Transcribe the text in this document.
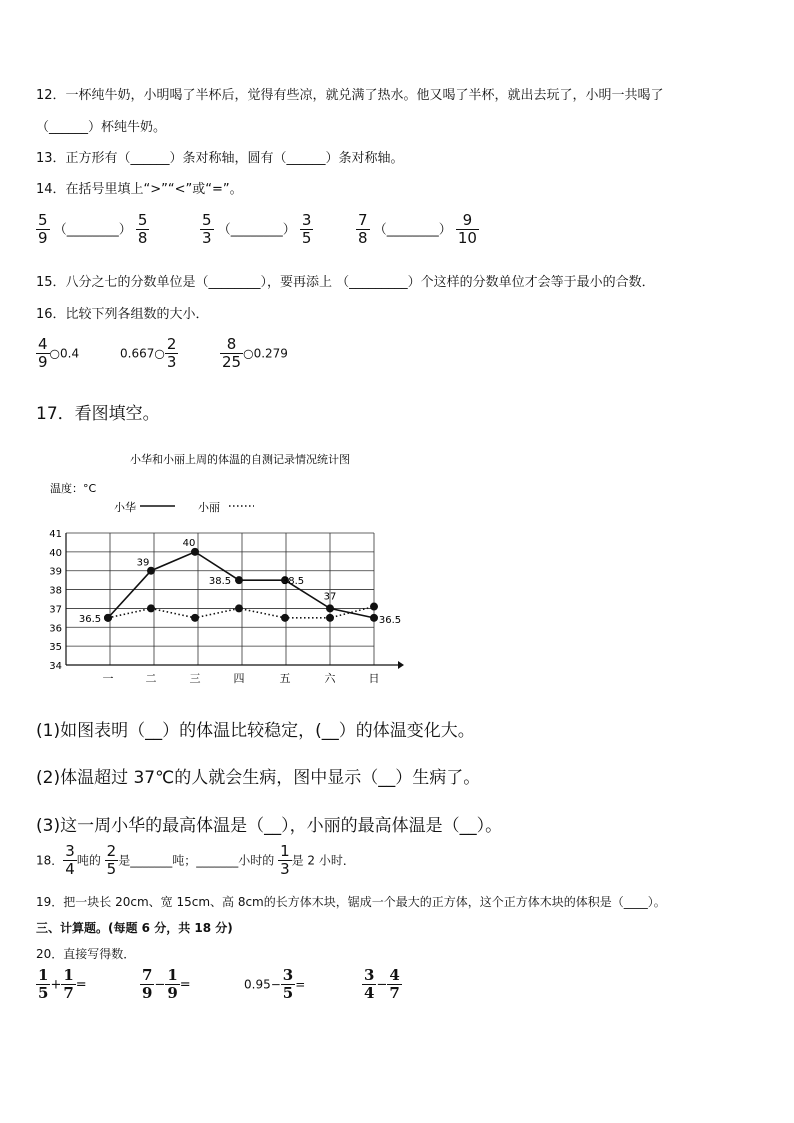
12．一杯纯牛奶，小明喝了半杯后，觉得有些凉，就兑满了热水。他又喝了半杯，就出去玩了，小明一共喝了
（______）杯纯牛奶。
13．正方形有（______）条对称轴，圆有（______）条对称轴。
14．在括号里填上“>”“<”或“=”。
$\frac{5}{9}$ （________） $\frac{5}{8}$	$\frac{5}{3}$ （________） $\frac{3}{5}$	$\frac{7}{8}$ （________） $\frac{9}{10}$
15．八分之七的分数单位是（________），要再添上 （_________）个这样的分数单位才会等于最小的合数．
16．比较下列各组数的大小．
$\frac{4}{9}$ ○0.4	0.667○ $\frac{2}{3}$	$\frac{8}{25}$ ○0.279
17．看图填空。
小华和小丽上周的体温的自测记录情况统计图
温度：°C
小华	小丽
34
35
36
37
38
39
40
41
一	二	三	四	五	六	日
36.5
39
40
38.5	38.5
37
36.5
(1)如图表明（__）的体温比较稳定，(__）的体温变化大。
(2)体温超过 37℃的人就会生病，图中显示（__）生病了。
(3)这一周小华的最高体温是（__），小丽的最高体温是（__）。
18． $\frac{3}{4}$ 吨的 $\frac{2}{5}$ 是_______吨；_______小时的 $\frac{1}{3}$ 是 2 小时．
19．把一块长 20cm、宽 15cm、高 8cm的长方体木块，锯成一个最大的正方体，这个正方体木块的体积是（____）。
三、计算题。(每题 6 分，共 18 分)
20．直接写得数．
$\frac{1}{5} + \frac{1}{7}$ =	$\frac{7}{9} - \frac{1}{9}$ =	$0.95- \frac{3}{5}$ =	$\frac{3}{4} - \frac{4}{7}$
